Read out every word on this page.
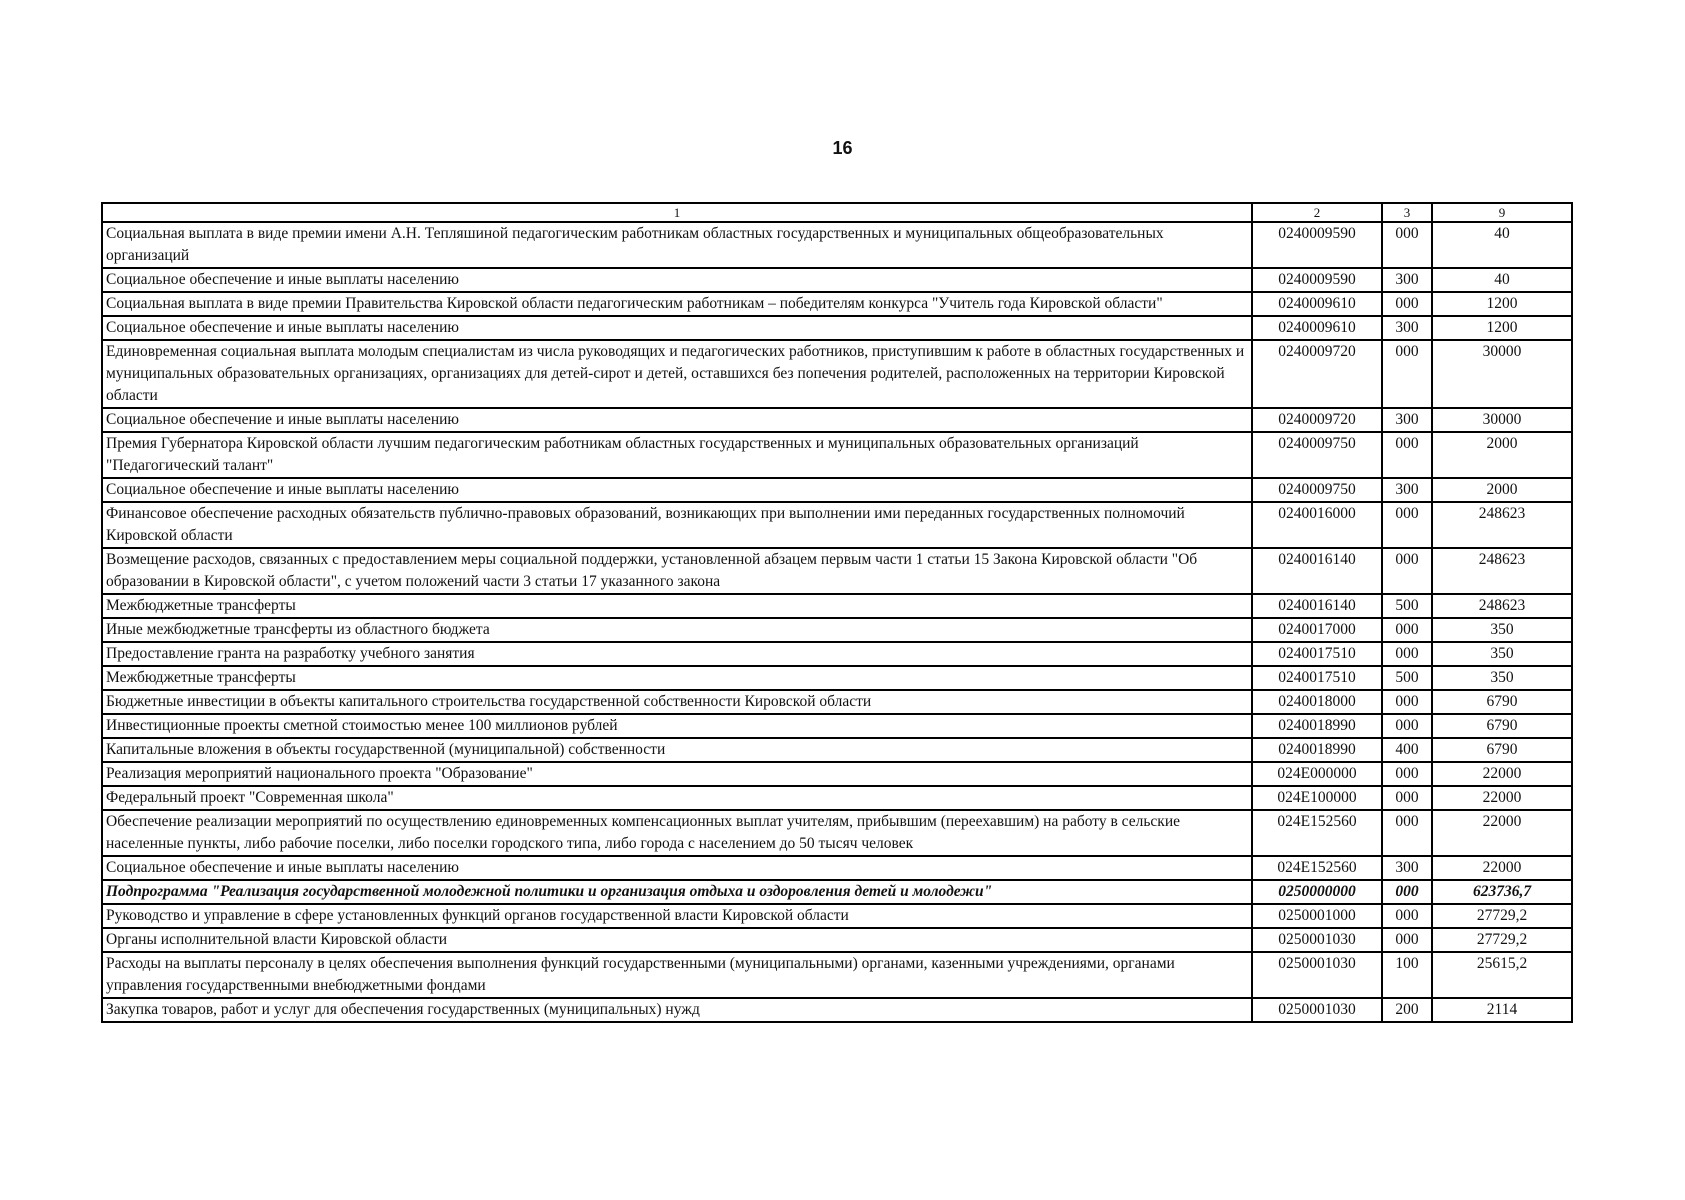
16
1	2	3	9
Социальная выплата в виде премии имени А.Н. Тепляшиной педагогическим работникам областных государственных и муниципальных общеобразовательных организаций	0240009590	000	40
Социальное обеспечение и иные выплаты населению	0240009590	300	40
Социальная выплата в виде премии Правительства Кировской области педагогическим работникам – победителям конкурса "Учитель года Кировской области"	0240009610	000	1200
Социальное обеспечение и иные выплаты населению	0240009610	300	1200
Единовременная социальная выплата молодым специалистам из числа руководящих и педагогических работников, приступившим к работе в областных государственных и муниципальных образовательных организациях, организациях для детей-сирот и детей, оставшихся без попечения родителей, расположенных на территории Кировской области	0240009720	000	30000
Социальное обеспечение и иные выплаты населению	0240009720	300	30000
Премия Губернатора Кировской области лучшим педагогическим работникам областных государственных и муниципальных образовательных организаций "Педагогический талант"	0240009750	000	2000
Социальное обеспечение и иные выплаты населению	0240009750	300	2000
Финансовое обеспечение расходных обязательств публично-правовых образований, возникающих при выполнении ими переданных государственных полномочий Кировской области	0240016000	000	248623
Возмещение расходов, связанных с предоставлением меры социальной поддержки, установленной абзацем первым части 1 статьи 15 Закона Кировской области "Об образовании в Кировской области", с учетом положений части 3 статьи 17 указанного закона	0240016140	000	248623
Межбюджетные трансферты	0240016140	500	248623
Иные межбюджетные трансферты из областного бюджета	0240017000	000	350
Предоставление гранта на разработку учебного занятия	0240017510	000	350
Межбюджетные трансферты	0240017510	500	350
Бюджетные инвестиции в объекты капитального строительства государственной собственности Кировской области	0240018000	000	6790
Инвестиционные проекты сметной стоимостью менее 100 миллионов рублей	0240018990	000	6790
Капитальные вложения в объекты государственной (муниципальной) собственности	0240018990	400	6790
Реализация мероприятий национального проекта "Образование"	024E000000	000	22000
Федеральный проект "Современная школа"	024E100000	000	22000
Обеспечение реализации мероприятий по осуществлению единовременных компенсационных выплат учителям, прибывшим (переехавшим) на работу в сельские населенные пункты, либо рабочие поселки, либо поселки городского типа, либо города с населением до 50 тысяч человек	024E152560	000	22000
Социальное обеспечение и иные выплаты населению	024E152560	300	22000
Подпрограмма "Реализация государственной молодежной политики и организация отдыха и оздоровления детей и молодежи"	0250000000	000	623736,7
Руководство и управление в сфере установленных функций органов государственной власти Кировской области	0250001000	000	27729,2
Органы исполнительной власти Кировской области	0250001030	000	27729,2
Расходы на выплаты персоналу в целях обеспечения выполнения функций государственными (муниципальными) органами, казенными учреждениями, органами управления государственными внебюджетными фондами	0250001030	100	25615,2
Закупка товаров, работ и услуг для обеспечения государственных (муниципальных) нужд	0250001030	200	2114
